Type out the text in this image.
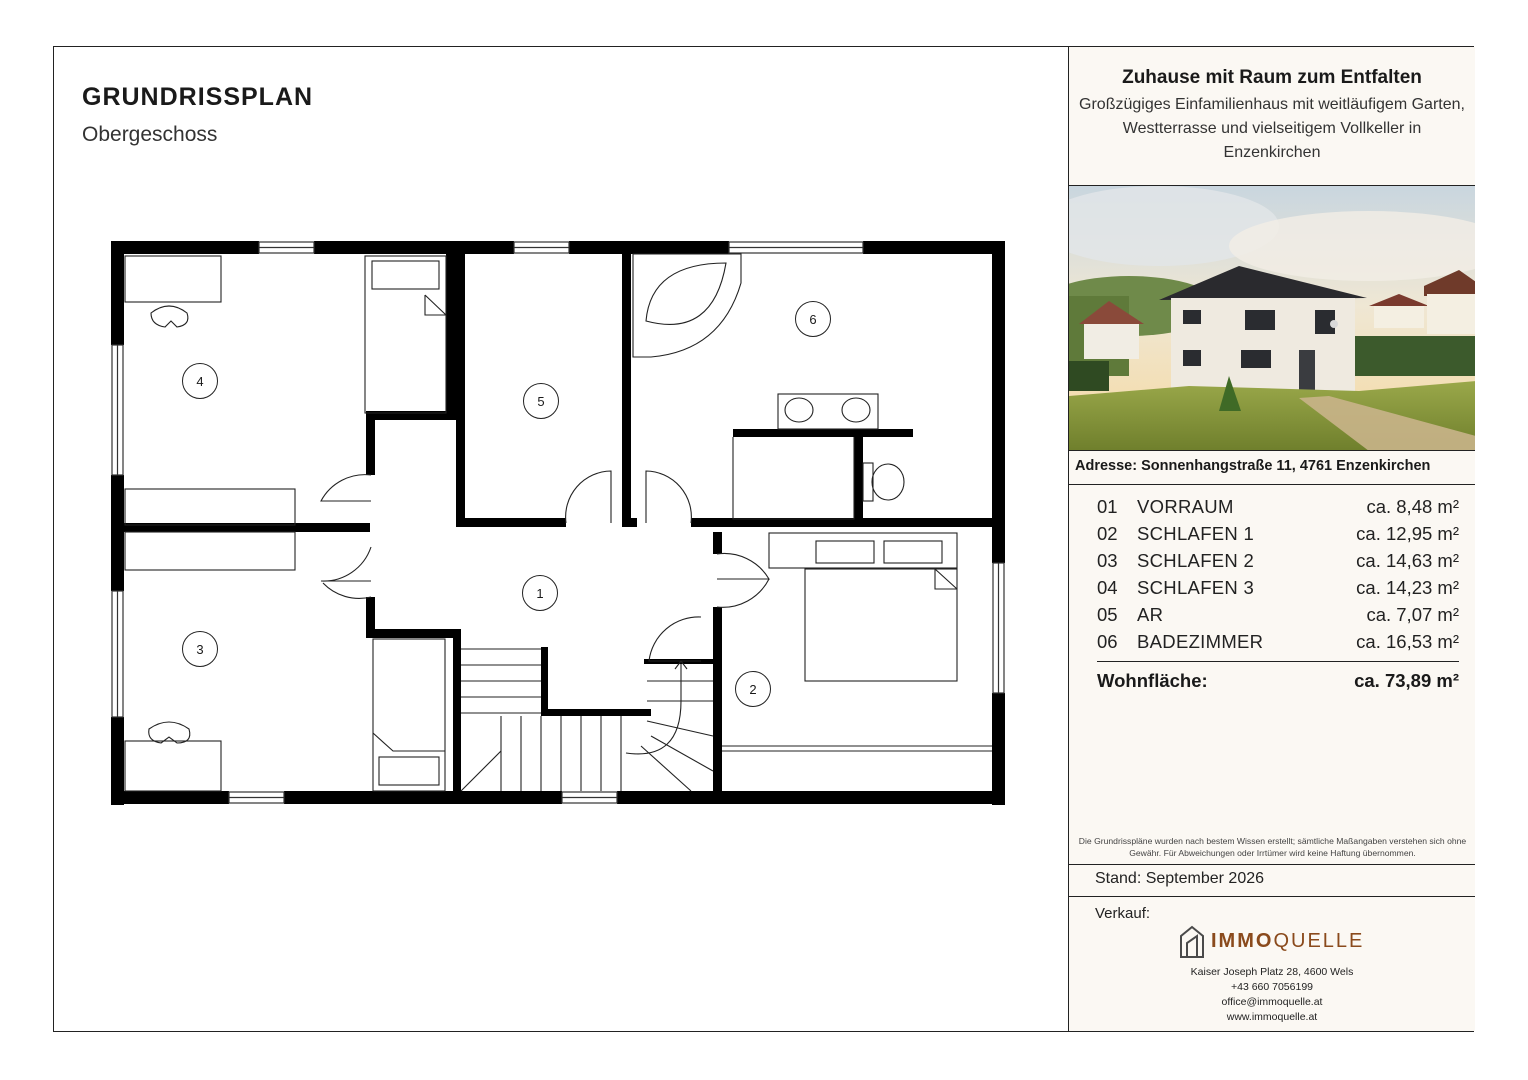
GRUNDRISSPLAN
Obergeschoss
1
2
3
4
5
6
Zuhause mit Raum zum Entfalten
Großzügiges Einfamilienhaus mit weitläufigem Garten, Westterrasse und vielseitigem Vollkeller in Enzenkirchen
Adresse: Sonnenhangstraße 11, 4761 Enzenkirchen
01 VORRAUM	ca. 8,48 m²
02 SCHLAFEN 1	ca. 12,95 m²
03 SCHLAFEN 2	ca. 14,63 m²
04 SCHLAFEN 3	ca. 14,23 m²
05 AR	ca. 7,07 m²
06 BADEZIMMER	ca. 16,53 m²
Wohnfläche:	ca. 73,89 m²
Die Grundrisspläne wurden nach bestem Wissen erstellt; sämtliche Maßangaben verstehen sich ohne Gewähr. Für Abweichungen oder Irrtümer wird keine Haftung übernommen.
Stand: September 2026
Verkauf:
IMMOQUELLE
Kaiser Joseph Platz 28, 4600 Wels
+43 660 7056199
office@immoquelle.at
www.immoquelle.at
